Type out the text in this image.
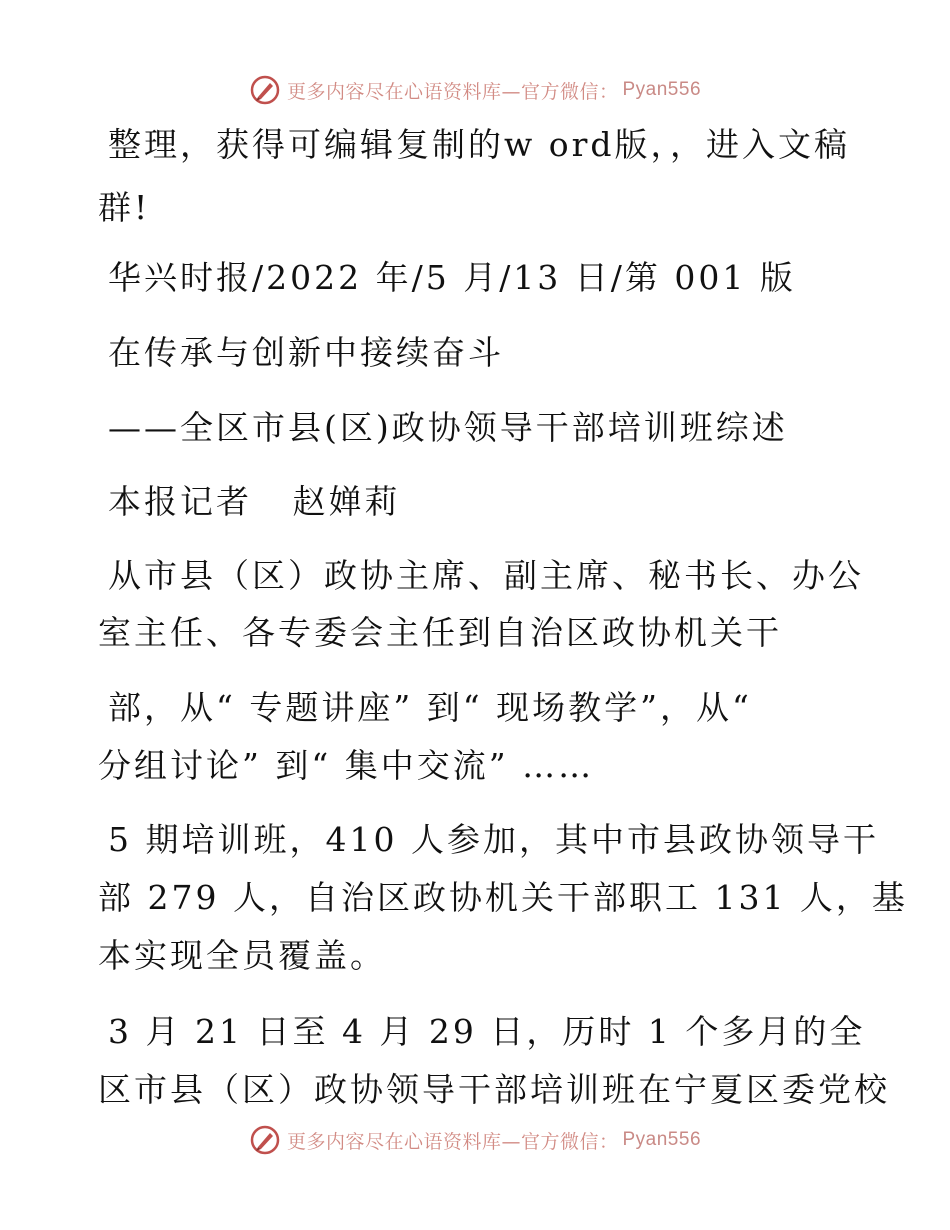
更多内容尽在心语资料库—官方微信： Pyan556
整理，获得可编辑复制的w ord版，，进入文稿
群!
华兴时报/2022 年/5 月/13 日/第 001 版
在传承与创新中接续奋斗
——全区市县(区)政协领导干部培训班综述
本报记者   赵婵莉
从市县（区）政协主席、副主席、秘书长、办公
室主任、各专委会主任到自治区政协机关干
部，从“ 专题讲座” 到“ 现场教学”，从“
分组讨论” 到“ 集中交流” ……
5 期培训班，410 人参加，其中市县政协领导干
部 279 人，自治区政协机关干部职工 131 人，基
本实现全员覆盖。
3 月 21 日至 4 月 29 日，历时 1 个多月的全
区市县（区）政协领导干部培训班在宁夏区委党校
更多内容尽在心语资料库—官方微信： Pyan556
